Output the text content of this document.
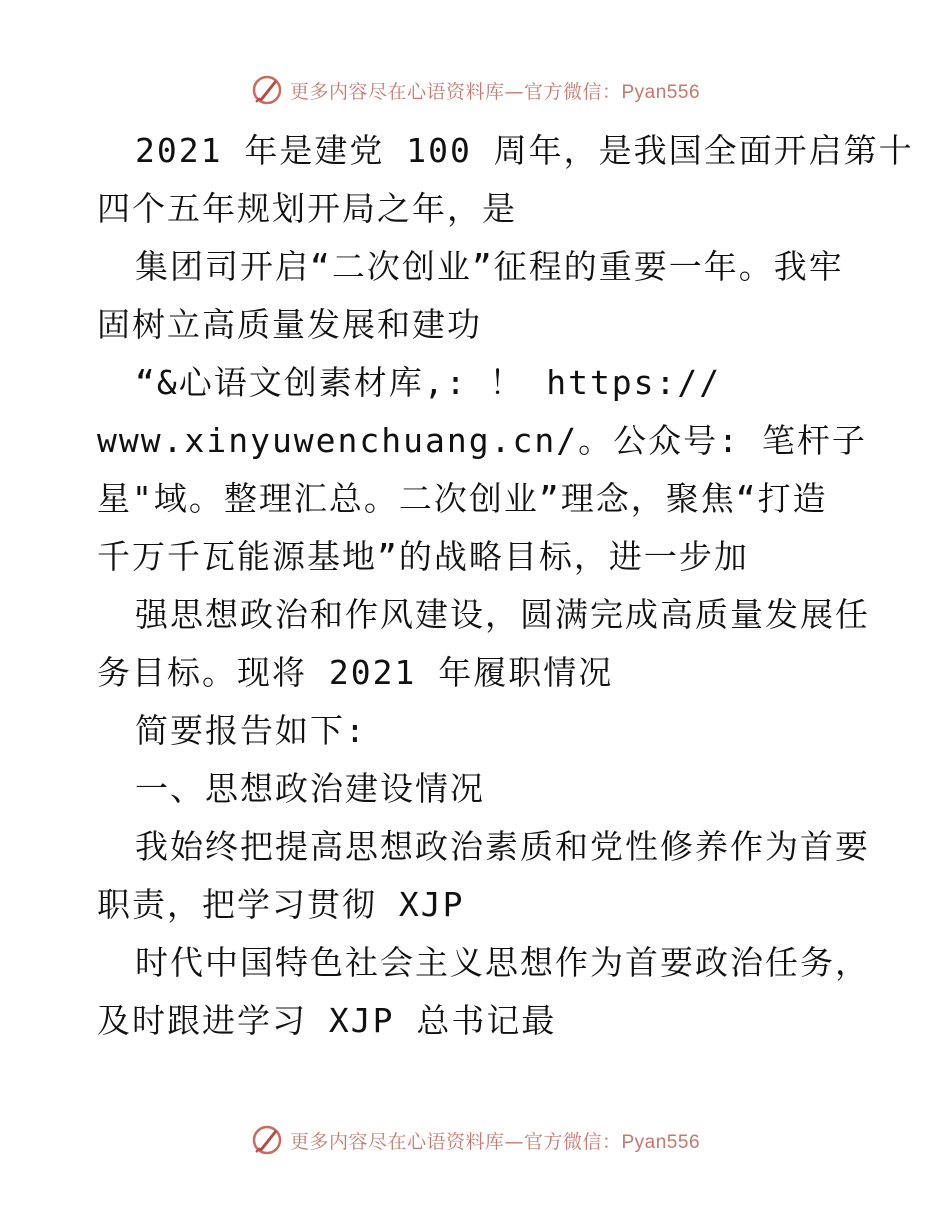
更多内容尽在心语资料库—官方微信：Pyan556
2021 年是建党 100 周年，是我国全面开启第十
四个五年规划开局之年，是
集团司开启“二次创业”征程的重要一年。我牢
固树立高质量发展和建功
“&心语文创素材库,: ！ https://
www.xinyuwenchuang.cn/。公众号: 笔杆子
星"域。整理汇总。二次创业”理念，聚焦“打造
千万千瓦能源基地”的战略目标，进一步加
强思想政治和作风建设，圆满完成高质量发展任
务目标。现将 2021 年履职情况
简要报告如下:
一、思想政治建设情况
我始终把提高思想政治素质和党性修养作为首要
职责，把学习贯彻 XJP
时代中国特色社会主义思想作为首要政治任务，
及时跟进学习 XJP 总书记最
更多内容尽在心语资料库—官方微信：Pyan556
